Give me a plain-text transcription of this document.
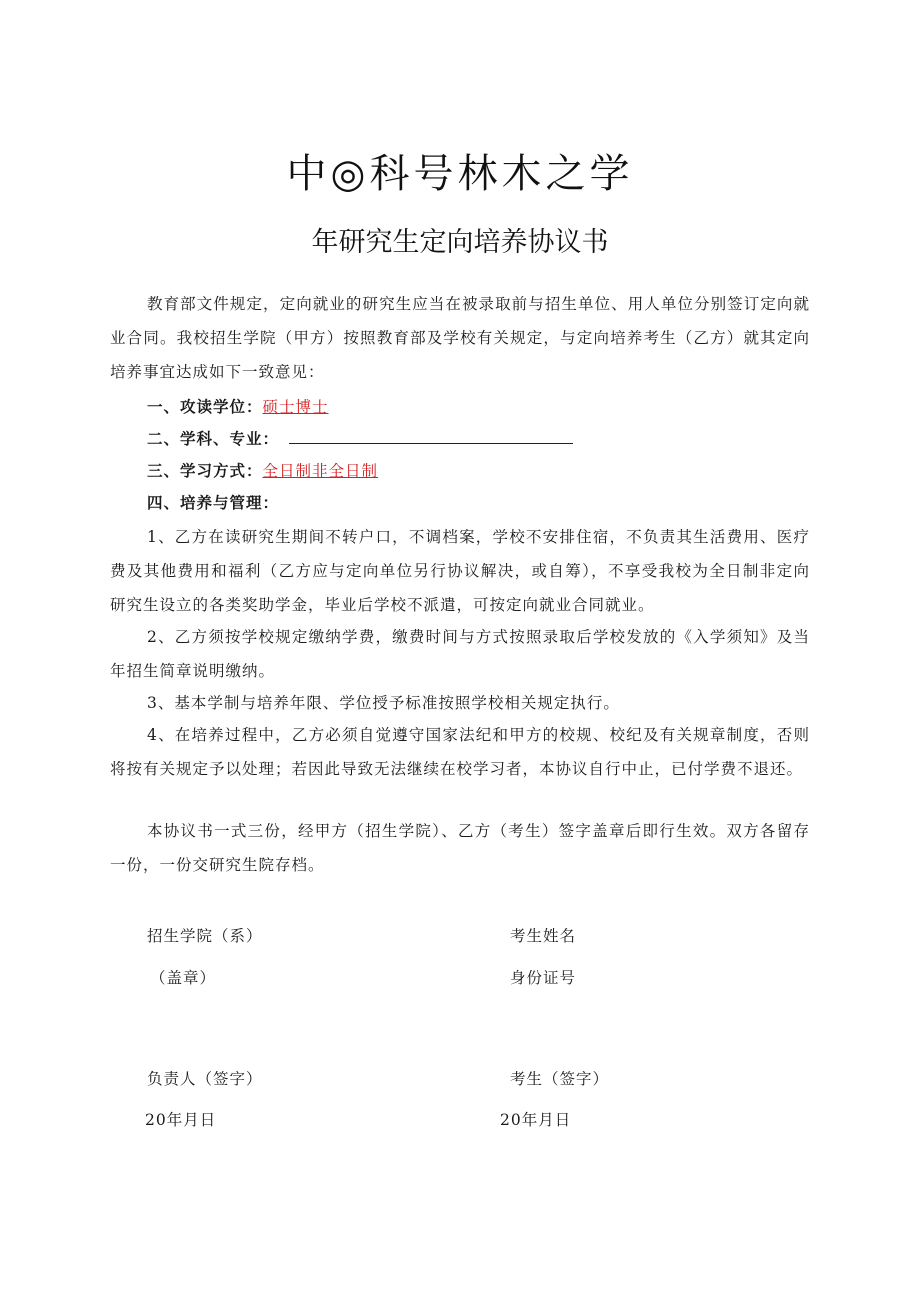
中◎科号林木之学
年研究生定向培养协议书
教育部文件规定，定向就业的研究生应当在被录取前与招生单位、用人单位分别签订定向就业合同。我校招生学院（甲方）按照教育部及学校有关规定，与定向培养考生（乙方）就其定向培养事宜达成如下一致意见：
一、攻读学位：硕士博士
二、学科、专业：
三、学习方式：全日制非全日制
四、培养与管理：
1、乙方在读研究生期间不转户口，不调档案，学校不安排住宿，不负责其生活费用、医疗费及其他费用和福利（乙方应与定向单位另行协议解决，或自筹），不享受我校为全日制非定向研究生设立的各类奖助学金，毕业后学校不派遣，可按定向就业合同就业。
2、乙方须按学校规定缴纳学费，缴费时间与方式按照录取后学校发放的《入学须知》及当年招生简章说明缴纳。
3、基本学制与培养年限、学位授予标准按照学校相关规定执行。
4、在培养过程中，乙方必须自觉遵守国家法纪和甲方的校规、校纪及有关规章制度，否则将按有关规定予以处理；若因此导致无法继续在校学习者，本协议自行中止，已付学费不退还。
本协议书一式三份，经甲方（招生学院）、乙方（考生）签字盖章后即行生效。双方各留存一份，一份交研究生院存档。
招生学院（系）	考生姓名
（盖章）	身份证号
负责人（签字）	考生（签字）
20年月日	20年月日
